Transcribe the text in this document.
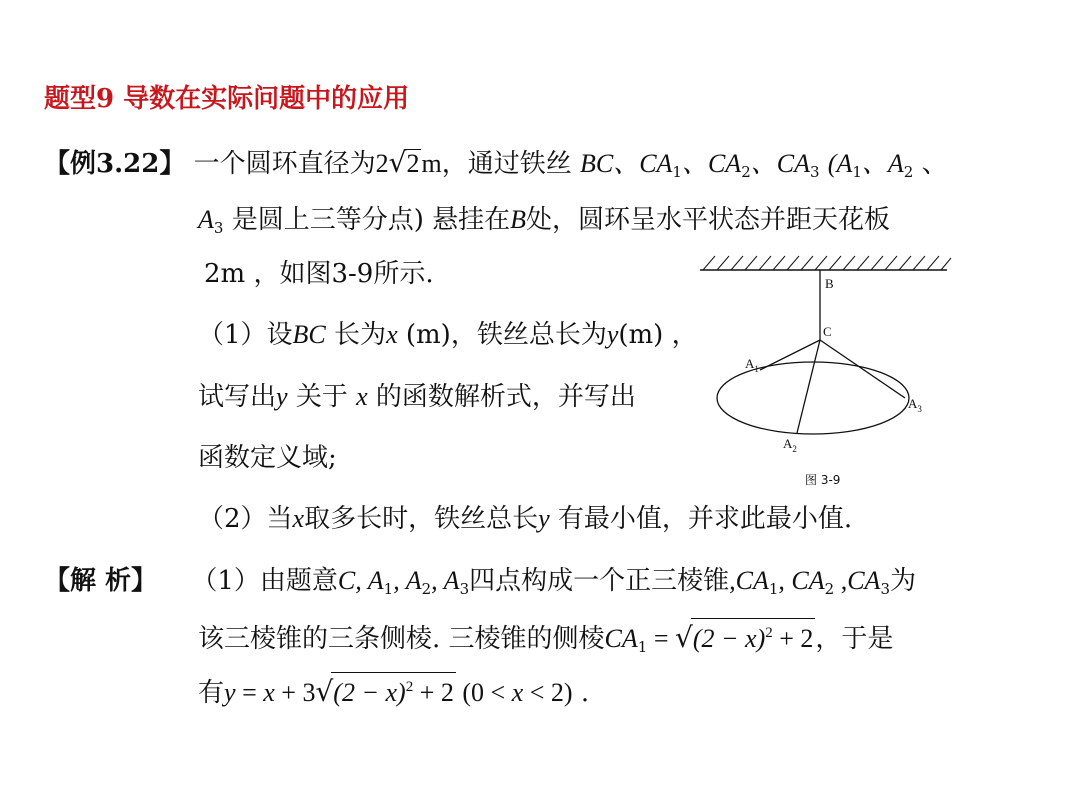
题型9 导数在实际问题中的应用
【例3.22】 一个圆环直径为2√2m，通过铁丝 BC、$CA_1$、$CA_2$、$CA_3$ ($A_1$、$A_2$ 、
$A_3$ 是圆上三等分点) 悬挂在B处，圆环呈水平状态并距天花板
2m ，如图3-9所示.
（1）设BC 长为x (m)，铁丝总长为y(m) ，
试写出y 关于 x 的函数解析式，并写出
函数定义域;
（2）当x取多长时，铁丝总长y 有最小值，并求此最小值.
【解 析】 （1）由题意C, $A_1$, $A_2$, $A_3$四点构成一个正三棱锥$,CA_1$, $CA_2$ $,CA_3$为
该三棱锥的三条侧棱. 三棱锥的侧棱$CA_1 = √(2 - x)^2 + 2$，于是
有$y = x + 3√(2 - x)^2 + 2$ (0 < x < 2) .
B
C
$A_1$
$A_3$
$A_2$
图 3-9
